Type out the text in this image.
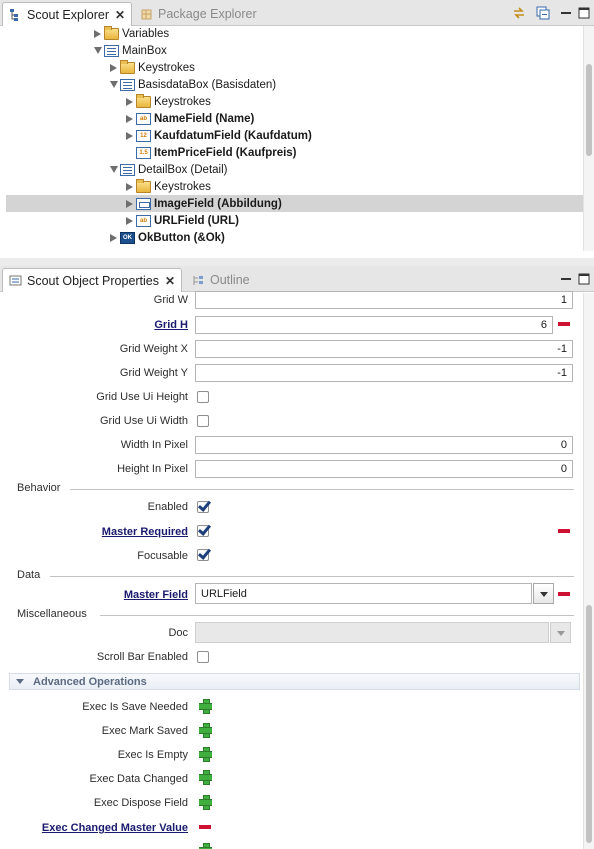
Scout Explorer ✕	Package Explorer
Variables
MainBox
Keystrokes
BasisdataBox (Basisdaten)
Keystrokes
ab NameField (Name)
12 KaufdatumField (Kaufdatum)
1.5 ItemPriceField (Kaufpreis)
DetailBox (Detail)
Keystrokes
ImageField (Abbildung)
ab URLField (URL)
OK OkButton (&Ok)
Scout Object Properties ✕	Outline
Grid W	1
Grid H	6
Grid Weight X	-1
Grid Weight Y	-1
Grid Use Ui Height
Grid Use Ui Width
Width In Pixel	0
Height In Pixel	0
Behavior
Enabled
Master Required
Focusable
Data
Master Field	URLField
Miscellaneous
Doc
Scroll Bar Enabled
Advanced Operations
Exec Is Save Needed
Exec Mark Saved
Exec Is Empty
Exec Data Changed
Exec Dispose Field
Exec Changed Master Value
